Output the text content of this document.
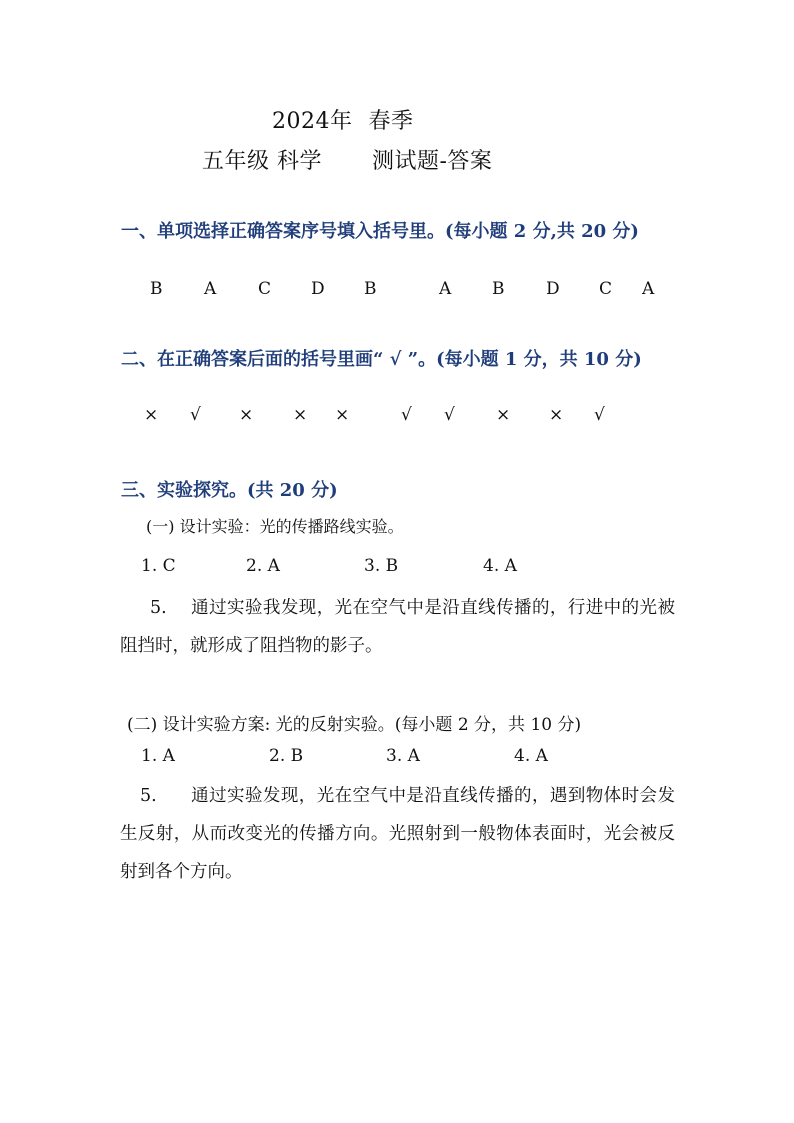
2024年 春季
五年级 科学 测试题-答案
一、单项选择正确答案序号填入括号里。(每小题 2 分,共 20 分)
B A C D B	A B D C A
二、在正确答案后面的括号里画“ √ ”。(每小题 1 分，共 10 分)
× √ × × ×	√ √ × × √
三、实验探究。(共 20 分)
(一) 设计实验：光的传播路线实验。
1. C	2. A	3. B	4. A
5. 通过实验我发现，光在空气中是沿直线传播的，行进中的光被阻挡时，就形成了阻挡物的影子。
(二) 设计实验方案: 光的反射实验。(每小题 2 分，共 10 分)
1. A	2. B	3. A	4. A
5. 通过实验发现，光在空气中是沿直线传播的，遇到物体时会发生反射，从而改变光的传播方向。光照射到一般物体表面时，光会被反射到各个方向。
